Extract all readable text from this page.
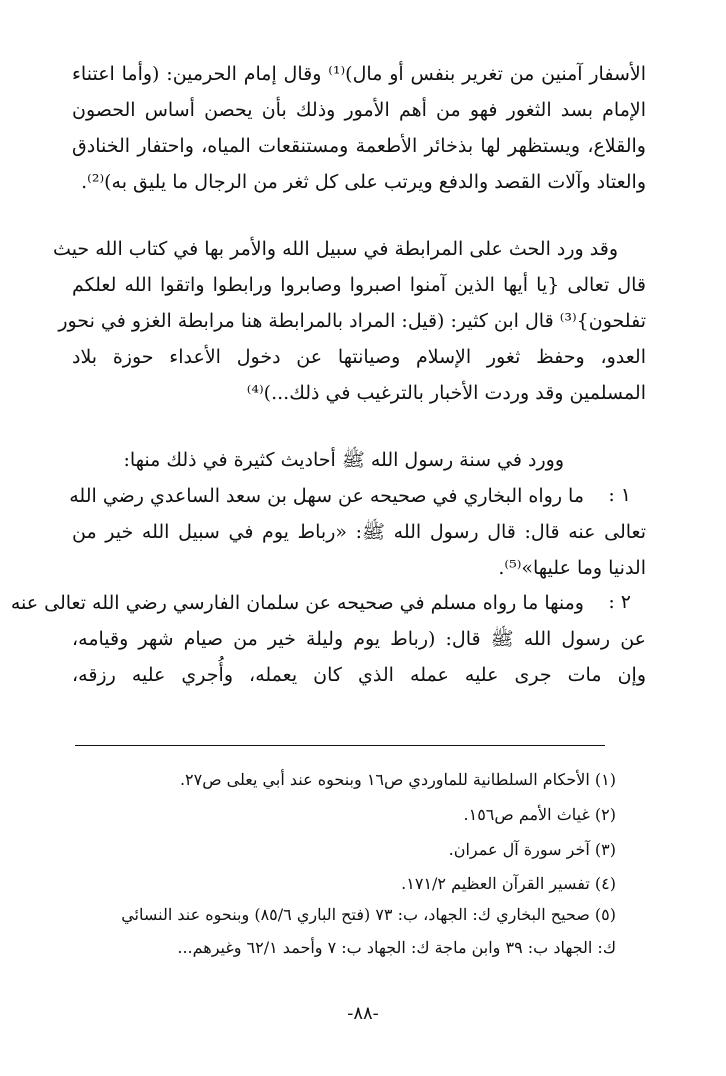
الأسفار آمنين من تغرير بنفس أو مال)⁽¹⁾ وقال إمام الحرمين: (وأما اعتناء
الإمام بسد الثغور فهو من أهم الأمور وذلك بأن يحصن أساس الحصون
والقلاع، ويستظهر لها بذخائر الأطعمة ومستنقعات المياه، واحتفار الخنادق
والعتاد وآلات القصد والدفع ويرتب على كل ثغر من الرجال ما يليق به)⁽²⁾.
وقد ورد الحث على المرابطة في سبيل الله والأمر بها في كتاب الله حيث
قال تعالى {يا أيها الذين آمنوا اصبروا وصابروا ورابطوا واتقوا الله لعلكم
تفلحون}⁽³⁾ قال ابن كثير: (قيل: المراد بالمرابطة هنا مرابطة الغزو في نحور
العدو، وحفظ ثغور الإسلام وصيانتها عن دخول الأعداء حوزة بلاد
المسلمين وقد وردت الأخبار بالترغيب في ذلك...)⁽⁴⁾
وورد في سنة رسول الله ﷺ أحاديث كثيرة في ذلك منها:
١ :
ما رواه البخاري في صحيحه عن سهل بن سعد الساعدي رضي الله
تعالى عنه قال: قال رسول الله ﷺ: «رباط يوم في سبيل الله خير من
الدنيا وما عليها»⁽⁵⁾.
٢ :
ومنها ما رواه مسلم في صحيحه عن سلمان الفارسي رضي الله تعالى عنه
عن رسول الله ﷺ قال: (رباط يوم وليلة خير من صيام شهر وقيامه،
وإن مات جرى عليه عمله الذي كان يعمله، وأُجري عليه رزقه،
(١) الأحكام السلطانية للماوردي ص١٦ وبنحوه عند أبي يعلى ص٢٧.
(٢) غياث الأمم ص١٥٦.
(٣) آخر سورة آل عمران.
(٤) تفسير القرآن العظيم ١٧١/٢.
(٥) صحيح البخاري ك: الجهاد، ب: ٧٣ (فتح الباري ٨٥/٦) وبنحوه عند النسائي
ك: الجهاد ب: ٣٩ وابن ماجة ك: الجهاد ب: ٧ وأحمد ٦٢/١ وغيرهم...
-٨٨-
